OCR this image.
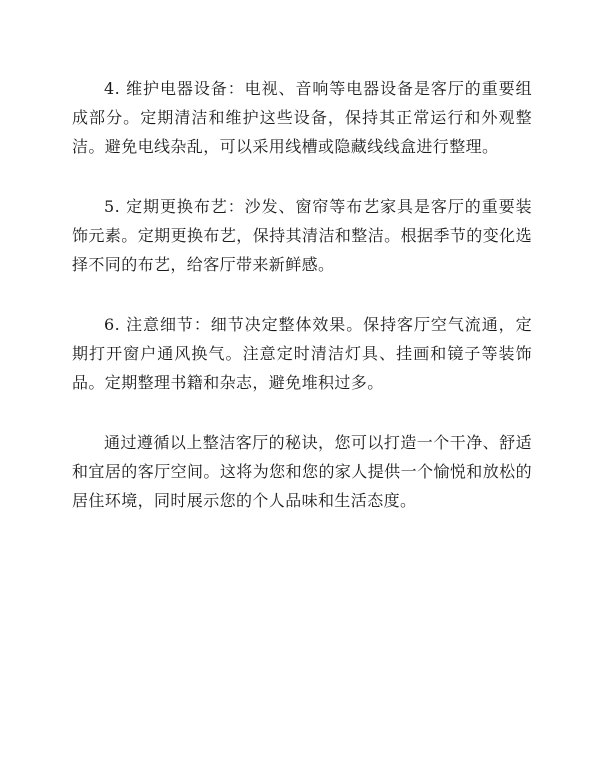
4. 维护电器设备：电视、音响等电器设备是客厅的重要组成部分。定期清洁和维护这些设备，保持其正常运行和外观整洁。避免电线杂乱，可以采用线槽或隐藏线线盒进行整理。

5. 定期更换布艺：沙发、窗帘等布艺家具是客厅的重要装饰元素。定期更换布艺，保持其清洁和整洁。根据季节的变化选择不同的布艺，给客厅带来新鲜感。

6. 注意细节：细节决定整体效果。保持客厅空气流通，定期打开窗户通风换气。注意定时清洁灯具、挂画和镜子等装饰品。定期整理书籍和杂志，避免堆积过多。

通过遵循以上整洁客厅的秘诀，您可以打造一个干净、舒适和宜居的客厅空间。这将为您和您的家人提供一个愉悦和放松的居住环境，同时展示您的个人品味和生活态度。
